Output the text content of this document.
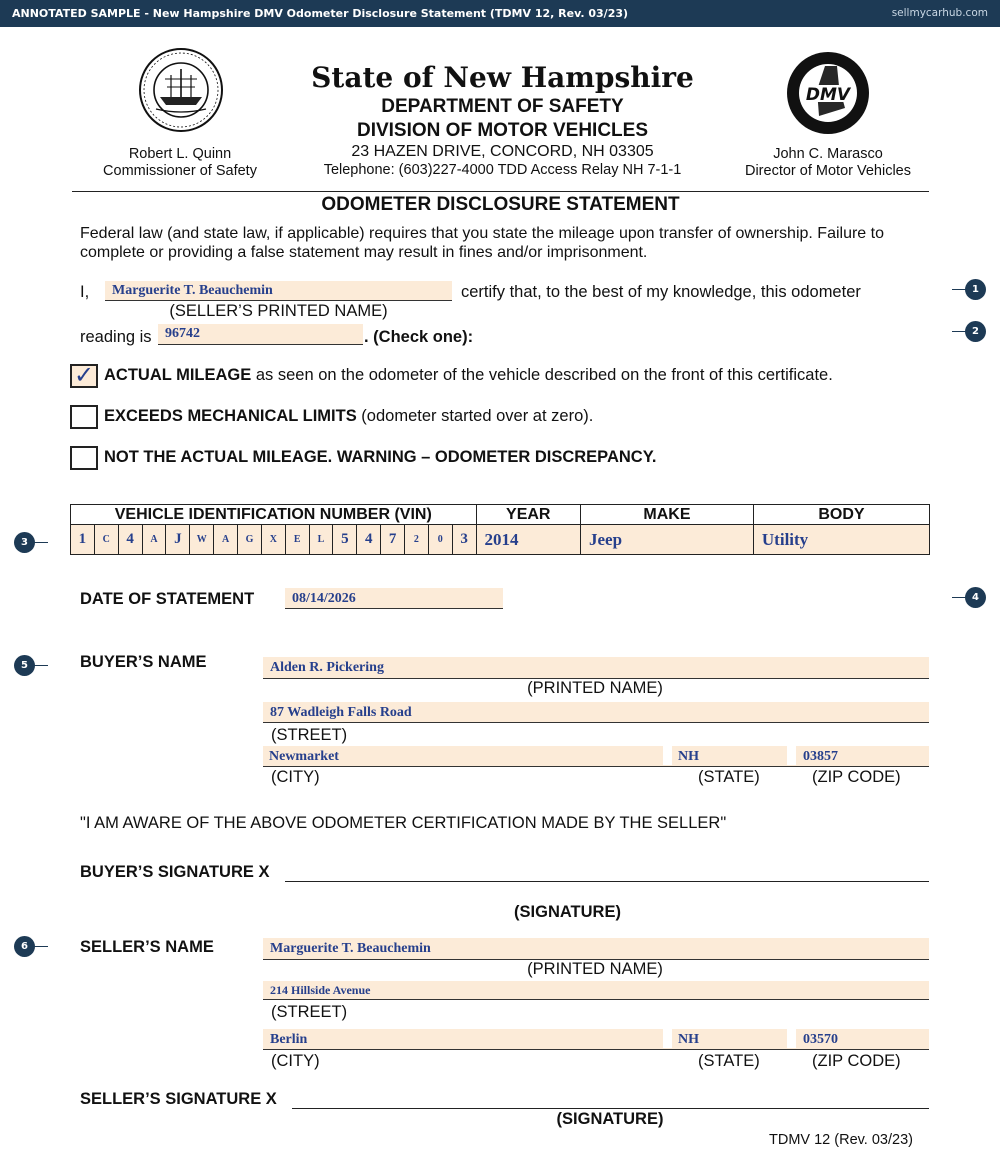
ANNOTATED SAMPLE - New Hampshire DMV Odometer Disclosure Statement (TDMV 12, Rev. 03/23)	sellmycarhub.com
DMV
State of New Hampshire
DEPARTMENT OF SAFETY
DIVISION OF MOTOR VEHICLES
23 HAZEN DRIVE, CONCORD, NH 03305
Telephone: (603)227-4000 TDD Access Relay NH 7-1-1
Robert L. Quinn
Commissioner of Safety
John C. Marasco
Director of Motor Vehicles
ODOMETER DISCLOSURE STATEMENT
Federal law (and state law, if applicable) requires that you state the mileage upon transfer of ownership. Failure to complete or providing a false statement may result in fines and/or imprisonment.
I, Marguerite T. Beauchemin	certify that, to the best of my knowledge, this odometer
(SELLER’S PRINTED NAME)
reading is 96742	. (Check one):
✓ ACTUAL MILEAGE as seen on the odometer of the vehicle described on the front of this certificate.
EXCEEDS MECHANICAL LIMITS (odometer started over at zero).
NOT THE ACTUAL MILEAGE. WARNING – ODOMETER DISCREPANCY.
VEHICLE IDENTIFICATION NUMBER (VIN)																	YEAR	MAKE	BODY
1	C	4	A	J	W	A	G	X	E	L	5	4	7	2	0	3	2014	Jeep	Utility
DATE OF STATEMENT	08/14/2026
BUYER’S NAME	Alden R. Pickering
(PRINTED NAME)
87 Wadleigh Falls Road
(STREET)
Newmarket	NH	03857
(CITY)	(STATE)	(ZIP CODE)
"I AM AWARE OF THE ABOVE ODOMETER CERTIFICATION MADE BY THE SELLER"
BUYER’S SIGNATURE X
(SIGNATURE)
SELLER’S NAME	Marguerite T. Beauchemin
(PRINTED NAME)
214 Hillside Avenue
(STREET)
Berlin	NH	03570
(CITY)	(STATE)	(ZIP CODE)
SELLER’S SIGNATURE X
(SIGNATURE)
TDMV 12 (Rev. 03/23)
1
2
3
4
5
6
